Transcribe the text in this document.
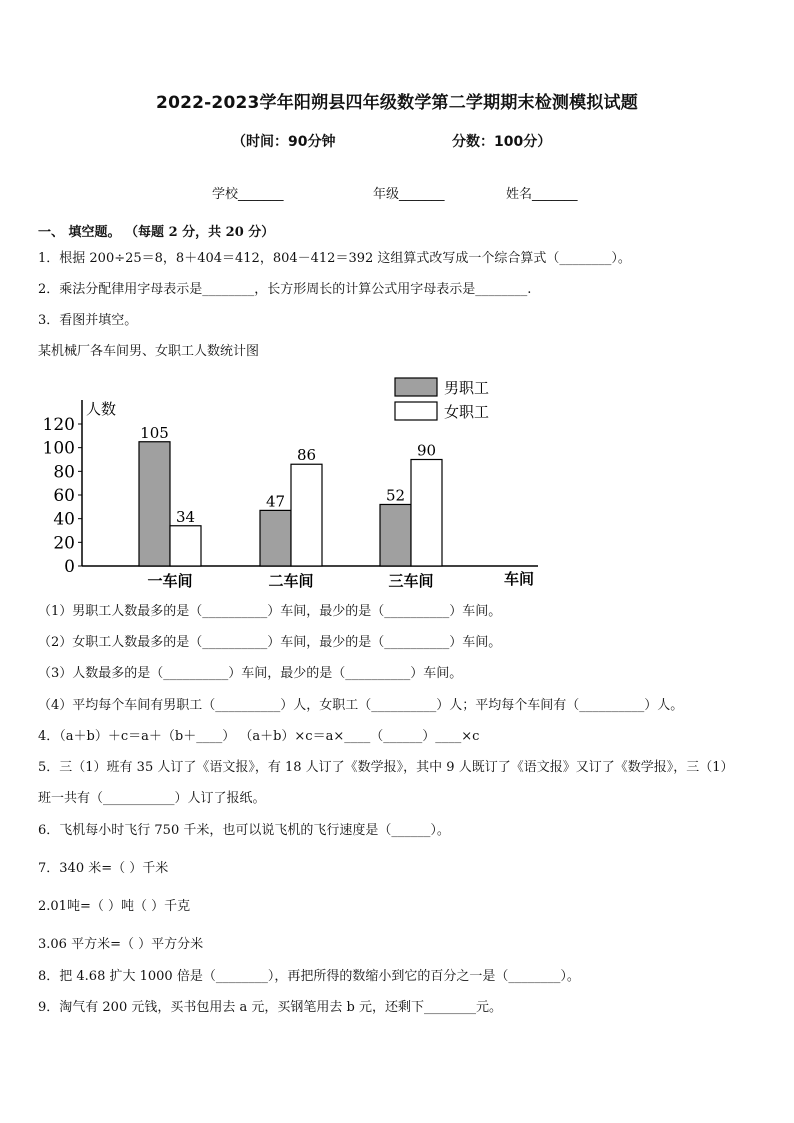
2022-2023学年阳朔县四年级数学第二学期期末检测模拟试题
（时间：90分钟	分数：100分）
学校_______	年级_______	姓名_______
一、 填空题。 （每题 2 分，共 20 分）
1．根据 200÷25＝8，8＋404＝412，804－412＝392 这组算式改写成一个综合算式（________）。
2．乘法分配律用字母表示是________，长方形周长的计算公式用字母表示是________.
3．看图并填空。
某机械厂各车间男、女职工人数统计图
人数
0
20
40
60
80
100
120	105
34
一车间
47
86
二车间
52
90
三车间	车间
男职工
女职工
（1）男职工人数最多的是（__________）车间，最少的是（__________）车间。
（2）女职工人数最多的是（__________）车间，最少的是（__________）车间。
（3）人数最多的是（__________）车间，最少的是（__________）车间。
（4）平均每个车间有男职工（__________）人，女职工（__________）人；平均每个车间有（__________）人。
4．（a＋b）＋c＝a＋（b＋____） （a＋b）×c＝a×____（______）____×c
5．三（1）班有 35 人订了《语文报》，有 18 人订了《数学报》，其中 9 人既订了《语文报》又订了《数学报》，三（1）
班一共有（___________）人订了报纸。
6．飞机每小时飞行 750 千米，也可以说飞机的飞行速度是（______）。
7．340 米=（ ）千米
2.01吨=（ ）吨（ ）千克
3.06 平方米=（ ）平方分米
8．把 4.68 扩大 1000 倍是（________），再把所得的数缩小到它的百分之一是（________）。
9．淘气有 200 元钱，买书包用去 a 元，买钢笔用去 b 元，还剩下________元。
